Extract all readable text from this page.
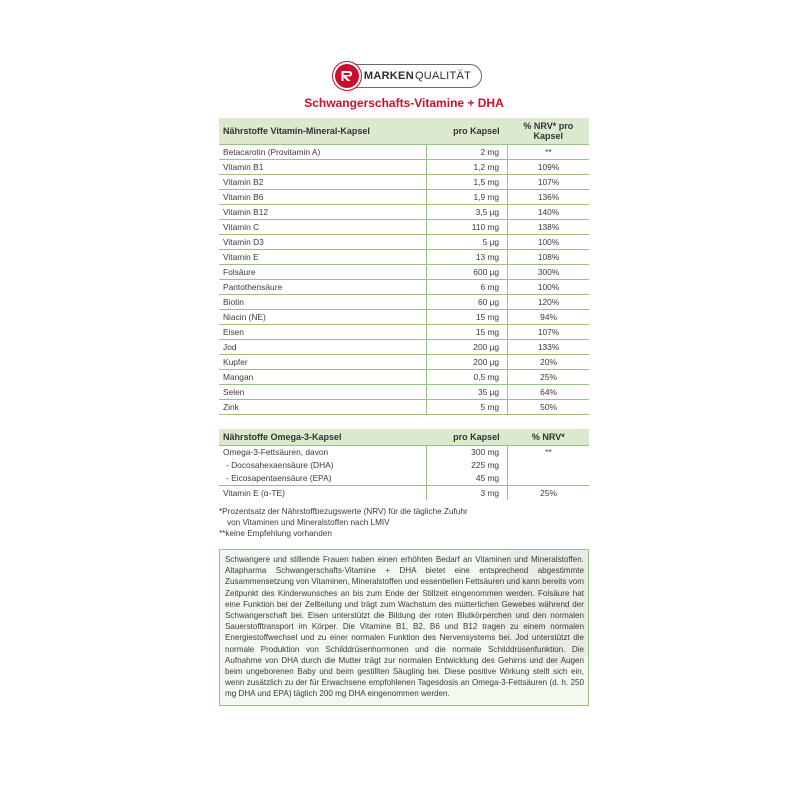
MARKEN QUALITÄT
Schwangerschafts-Vitamine + DHA
Nährstoffe Vitamin-Mineral-Kapsel	pro Kapsel	% NRV* pro Kapsel
Betacarotin (Provitamin A)	2 mg	**
Vitamin B1	1,2 mg	109%
Vitamin B2	1,5 mg	107%
Vitamin B6	1,9 mg	136%
Vitamin B12	3,5 µg	140%
Vitamin C	110 mg	138%
Vitamin D3	5 µg	100%
Vitamin E	13 mg	108%
Folsäure	600 µg	300%
Pantothensäure	6 mg	100%
Biotin	60 µg	120%
Niacin (NE)	15 mg	94%
Eisen	15 mg	107%
Jod	200 µg	133%
Kupfer	200 µg	20%
Mangan	0,5 mg	25%
Selen	35 µg	64%
Zink	5 mg	50%
Nährstoffe Omega-3-Kapsel	pro Kapsel	% NRV*
Omega-3-Fettsäuren, davon	300 mg	**
- Docosahexaensäure (DHA)	225 mg	
- Eicosapentaensäure (EPA)	45 mg	
Vitamin E (α-TE)	3 mg	25%
*Prozentsatz der Nährstoffbezugswerte (NRV) für die tägliche Zufuhr
von Vitaminen und Mineralstoffen nach LMIV
**keine Empfehlung vorhanden

Schwangere und stillende Frauen haben einen erhöhten Bedarf an Vitaminen und Mineralstoffen. Altapharma Schwangerschafts-Vitamine + DHA bietet eine entsprechend abgestimmte Zusammensetzung von Vitaminen, Mineralstoffen und essentiellen Fettsäuren und kann bereits vom Zeitpunkt des Kinderwunsches an bis zum Ende der Stillzeit eingenommen werden. Folsäure hat eine Funktion bei der Zellteilung und trägt zum Wachstum des mütterlichen Gewebes während der Schwangerschaft bei. Eisen unterstützt die Bildung der roten Blutkörperchen und den normalen Sauerstofftransport im Körper. Die Vitamine B1, B2, B6 und B12 tragen zu einem normalen Energiestoffwechsel und zu einer normalen Funktion des Nervensystems bei. Jod unterstützt die normale Produktion von Schilddrüsenhormonen und die normale Schilddrüsenfunktion. Die Aufnahme von DHA durch die Mutter trägt zur normalen Entwicklung des Gehirns und der Augen beim ungeborenen Baby und beim gestillten Säugling bei. Diese positive Wirkung stellt sich ein, wenn zusätzlich zu der für Erwachsene empfohlenen Tagesdosis an Omega-3-Fettsäuren (d. h. 250 mg DHA und EPA) täglich 200 mg DHA eingenommen werden.
